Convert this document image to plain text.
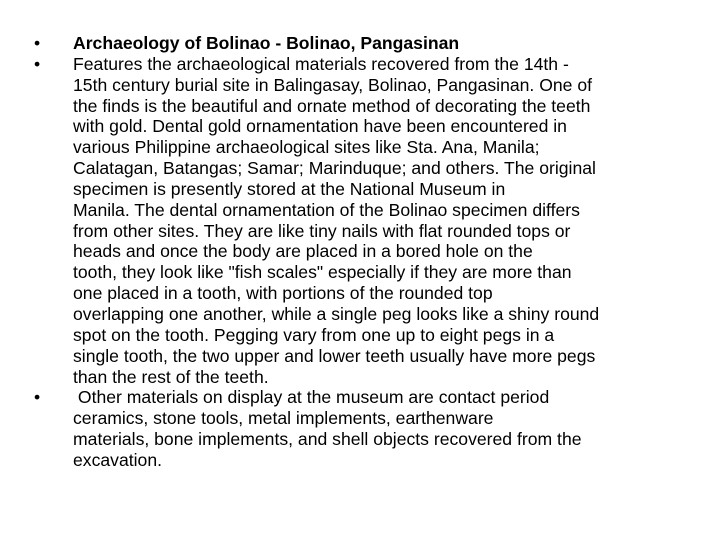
•	Archaeology of Bolinao - Bolinao, Pangasinan
•	Features the archaeological materials recovered from the 14th -
15th century burial site in Balingasay, Bolinao, Pangasinan. One of
the finds is the beautiful and ornate method of decorating the teeth
with gold. Dental gold ornamentation have been encountered in
various Philippine archaeological sites like Sta. Ana, Manila;
Calatagan, Batangas; Samar; Marinduque; and others. The original
specimen is presently stored at the National Museum in
Manila. The dental ornamentation of the Bolinao specimen differs
from other sites. They are like tiny nails with flat rounded tops or
heads and once the body are placed in a bored hole on the
tooth, they look like "fish scales" especially if they are more than
one placed in a tooth, with portions of the rounded top
overlapping one another, while a single peg looks like a shiny round
spot on the tooth. Pegging vary from one up to eight pegs in a
single tooth, the two upper and lower teeth usually have more pegs
than the rest of the teeth.
•	Other materials on display at the museum are contact period
ceramics, stone tools, metal implements, earthenware
materials, bone implements, and shell objects recovered from the
excavation.
